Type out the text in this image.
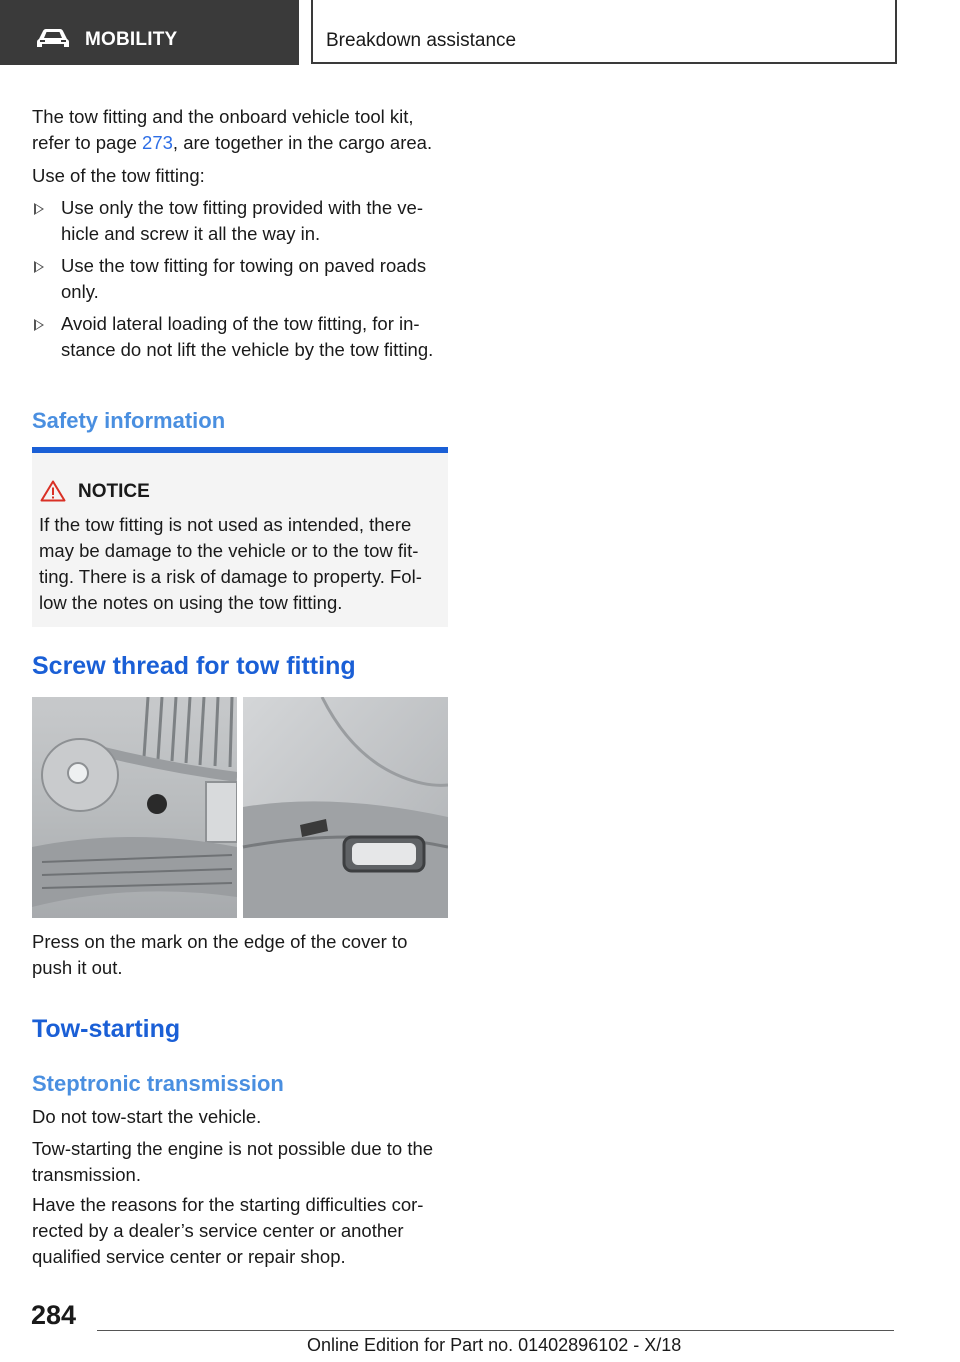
MOBILITY	Breakdown assistance

The tow fitting and the onboard vehicle tool kit, refer to page 273, are together in the cargo area.

Use of the tow fitting:

Use only the tow fitting provided with the vehicle and screw it all the way in.
Use the tow fitting for towing on paved roads only.
Avoid lateral loading of the tow fitting, for instance do not lift the vehicle by the tow fitting.
Safety information
NOTICE
If the tow fitting is not used as intended, there may be damage to the vehicle or to the tow fitting. There is a risk of damage to property. Follow the notes on using the tow fitting.
Screw thread for tow fitting

Press on the mark on the edge of the cover to push it out.

Tow-starting
Steptronic transmission

Do not tow-start the vehicle.

Tow-starting the engine is not possible due to the transmission.

Have the reasons for the starting difficulties corrected by a dealer’s service center or another qualified service center or repair shop.

284
Online Edition for Part no. 01402896102 - X/18
